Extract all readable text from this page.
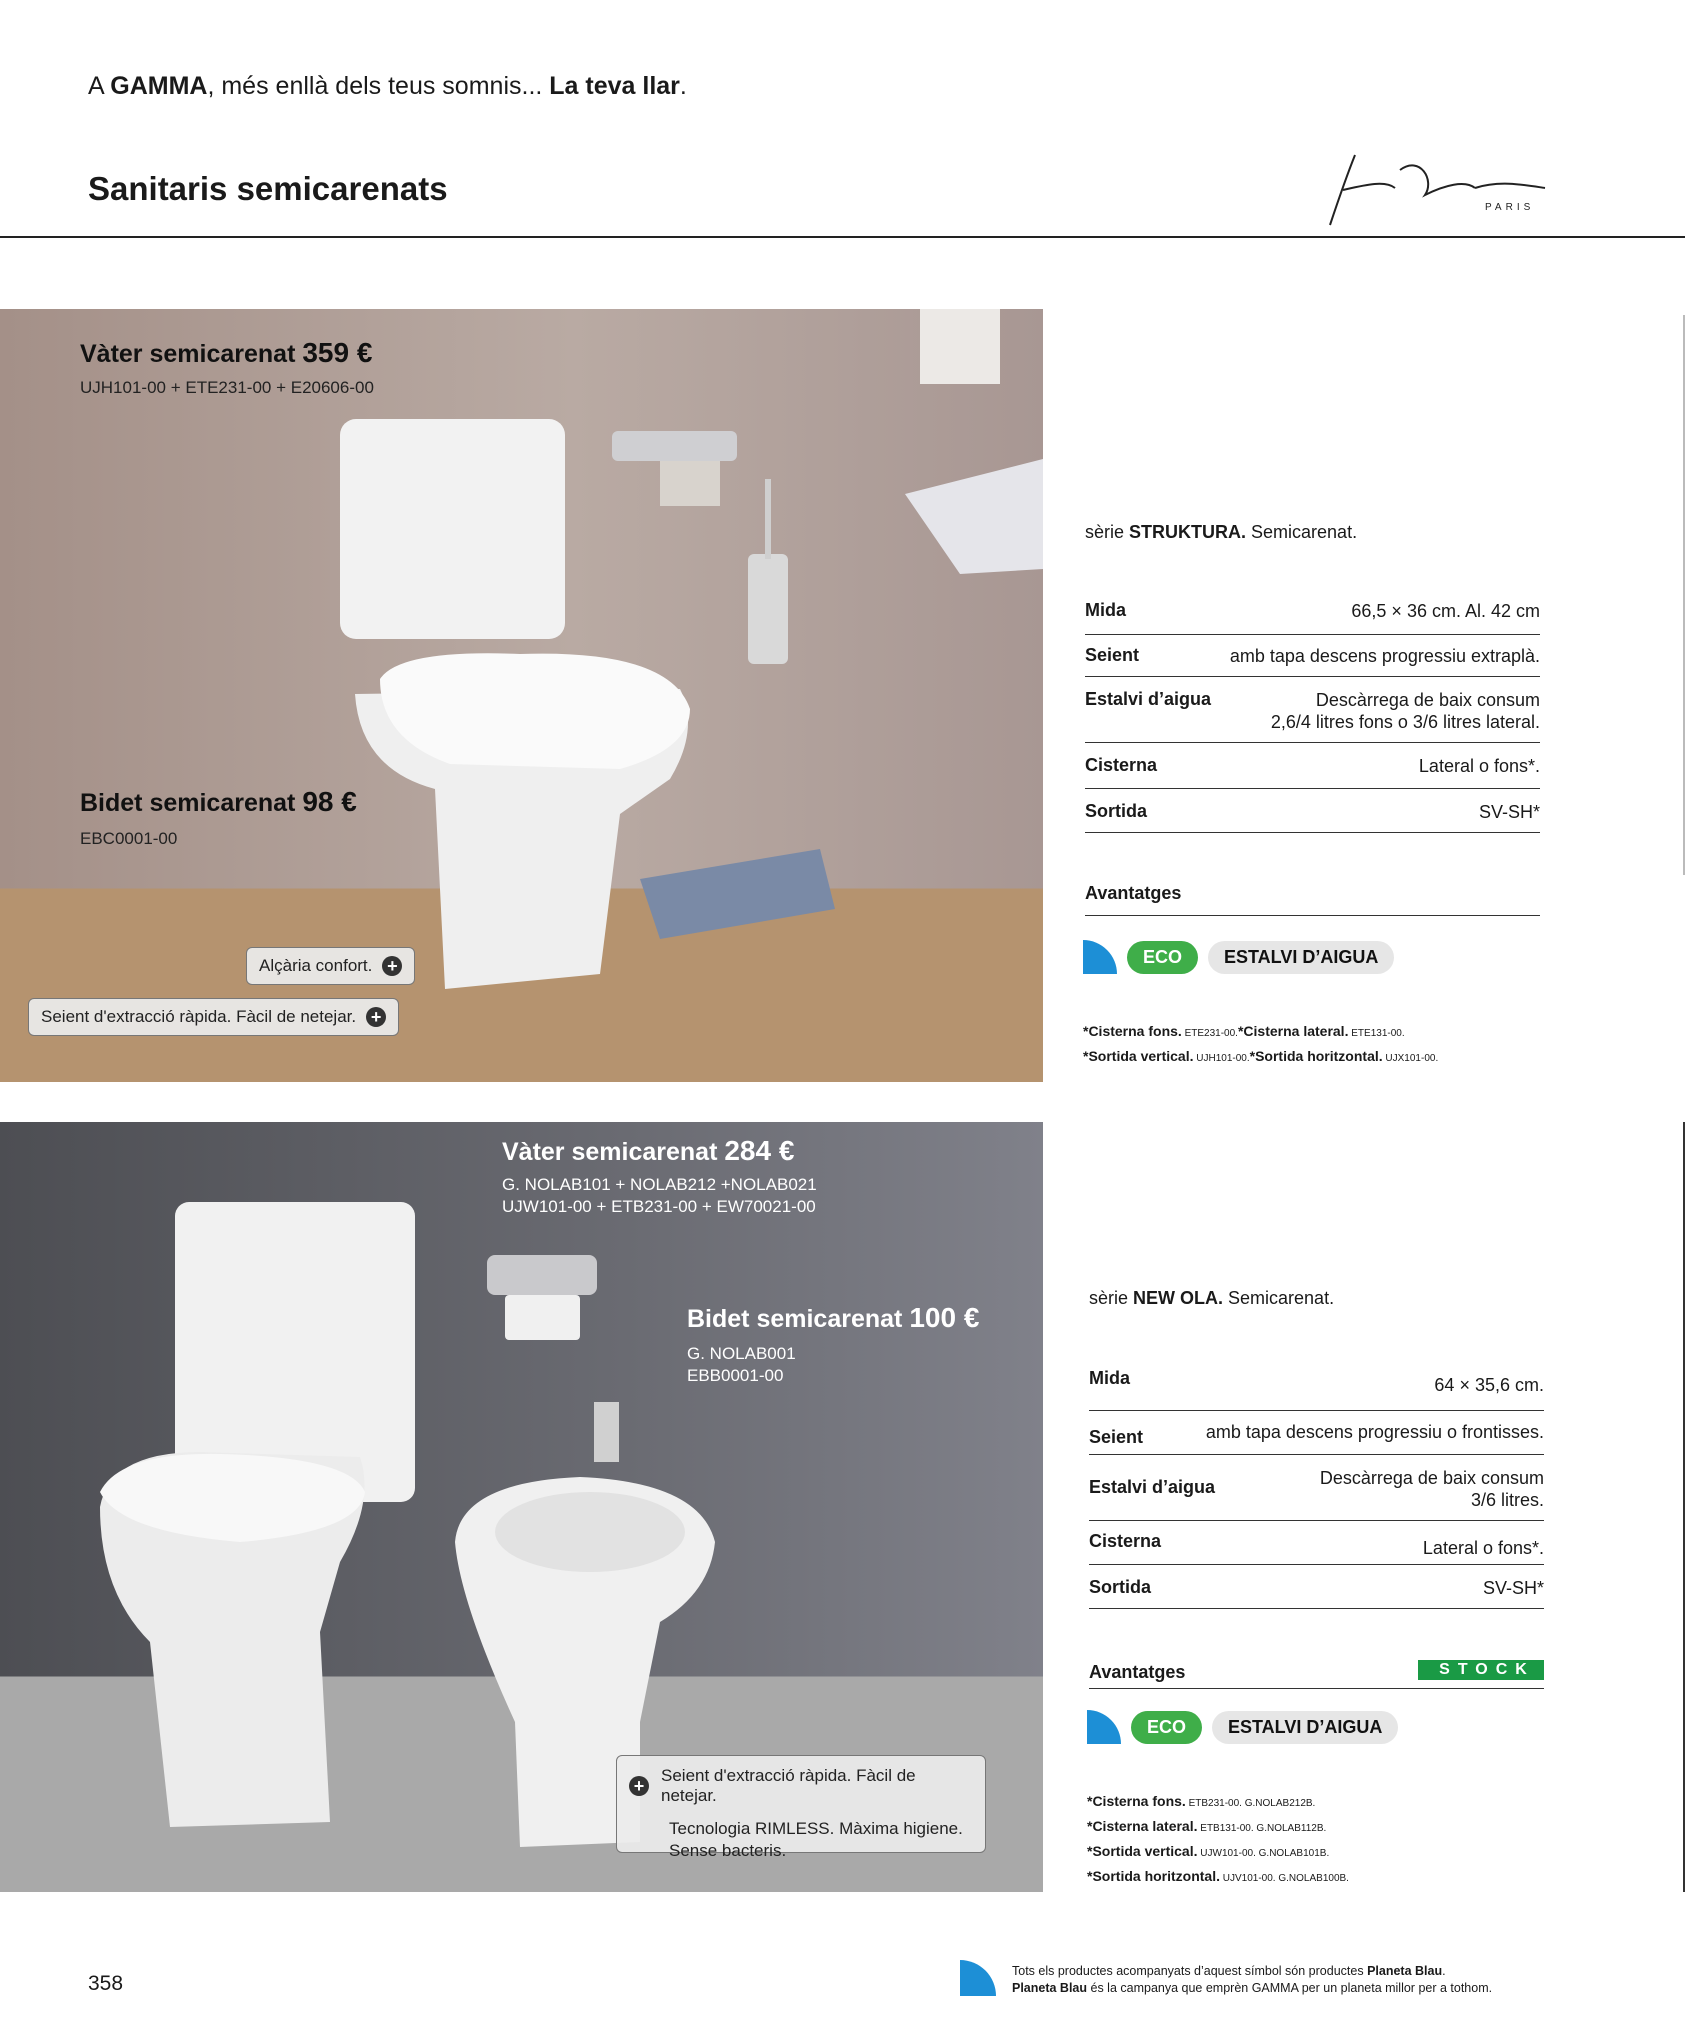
A GAMMA, més enllà dels teus somnis... La teva llar.
Sanitaris semicarenats
PARIS
Vàter semicarenat 359 €
UJH101-00 + ETE231-00 + E20606-00
Bidet semicarenat 98 €
EBC0001-00
Alçària confort. +
Seient d'extracció ràpida. Fàcil de netejar. +
sèrie STRUKTURA. Semicarenat.
Mida	66,5 × 36 cm. Al. 42 cm
Seient	amb tapa descens progressiu extraplà.
Estalvi d’aigua	Descàrrega de baix consum
2,6/4 litres fons o 3/6 litres lateral.
Cisterna	Lateral o fons*.
Sortida	SV-SH*
Avantatges
ECO	ESTALVI D’AIGUA
*Cisterna fons. ETE231-00.*Cisterna lateral. ETE131-00.
*Sortida vertical. UJH101-00.*Sortida horitzontal. UJX101-00.
Vàter semicarenat 284 €
G. NOLAB101 + NOLAB212 +NOLAB021
UJW101-00 + ETB231-00 + EW70021-00
Bidet semicarenat 100 €
G. NOLAB001
EBB0001-00
+
Seient d'extracció ràpida. Fàcil de netejar.
Tecnologia RIMLESS. Màxima higiene.
Sense bacteris.
sèrie NEW OLA. Semicarenat.
Mida	64 × 35,6 cm.
Seient	amb tapa descens progressiu o frontisses.
Estalvi d’aigua	Descàrrega de baix consum
3/6 litres.
Cisterna	Lateral o fons*.
Sortida	SV-SH*
Avantatges	STOCK
ECO	ESTALVI D’AIGUA
*Cisterna fons. ETB231-00. G.NOLAB212B.
*Cisterna lateral. ETB131-00. G.NOLAB112B.
*Sortida vertical. UJW101-00. G.NOLAB101B.
*Sortida horitzontal. UJV101-00. G.NOLAB100B.
358
Tots els productes acompanyats d’aquest símbol són productes Planeta Blau.
Planeta Blau és la campanya que emprèn GAMMA per un planeta millor per a tothom.
